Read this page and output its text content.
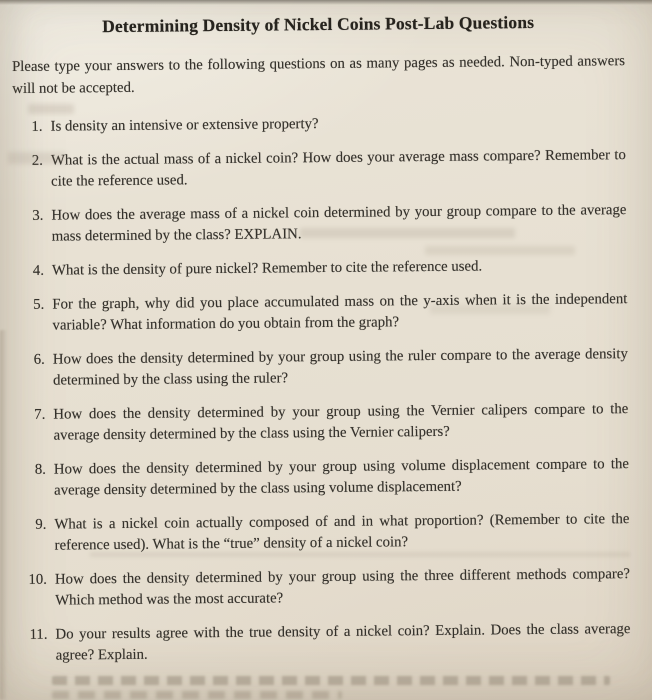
Determining Density of Nickel Coins Post-Lab Questions

Please type your answers to the following questions on as many pages as needed. Non-typed answers will not be accepted.

1. Is density an intensive or extensive property?
2. What is the actual mass of a nickel coin? How does your average mass compare? Remember to cite the reference used.
3. How does the average mass of a nickel coin determined by your group compare to the average mass determined by the class? EXPLAIN.
4. What is the density of pure nickel? Remember to cite the reference used.
5. For the graph, why did you place accumulated mass on the y-axis when it is the independent variable? What information do you obtain from the graph?
6. How does the density determined by your group using the ruler compare to the average density determined by the class using the ruler?
7. How does the density determined by your group using the Vernier calipers compare to the average density determined by the class using the Vernier calipers?
8. How does the density determined by your group using volume displacement compare to the average density determined by the class using volume displacement?
9. What is a nickel coin actually composed of and in what proportion? (Remember to cite the reference used). What is the “true” density of a nickel coin?
10. How does the density determined by your group using the three different methods compare? Which method was the most accurate?
11. Do your results agree with the true density of a nickel coin? Explain. Does the class average agree? Explain.
